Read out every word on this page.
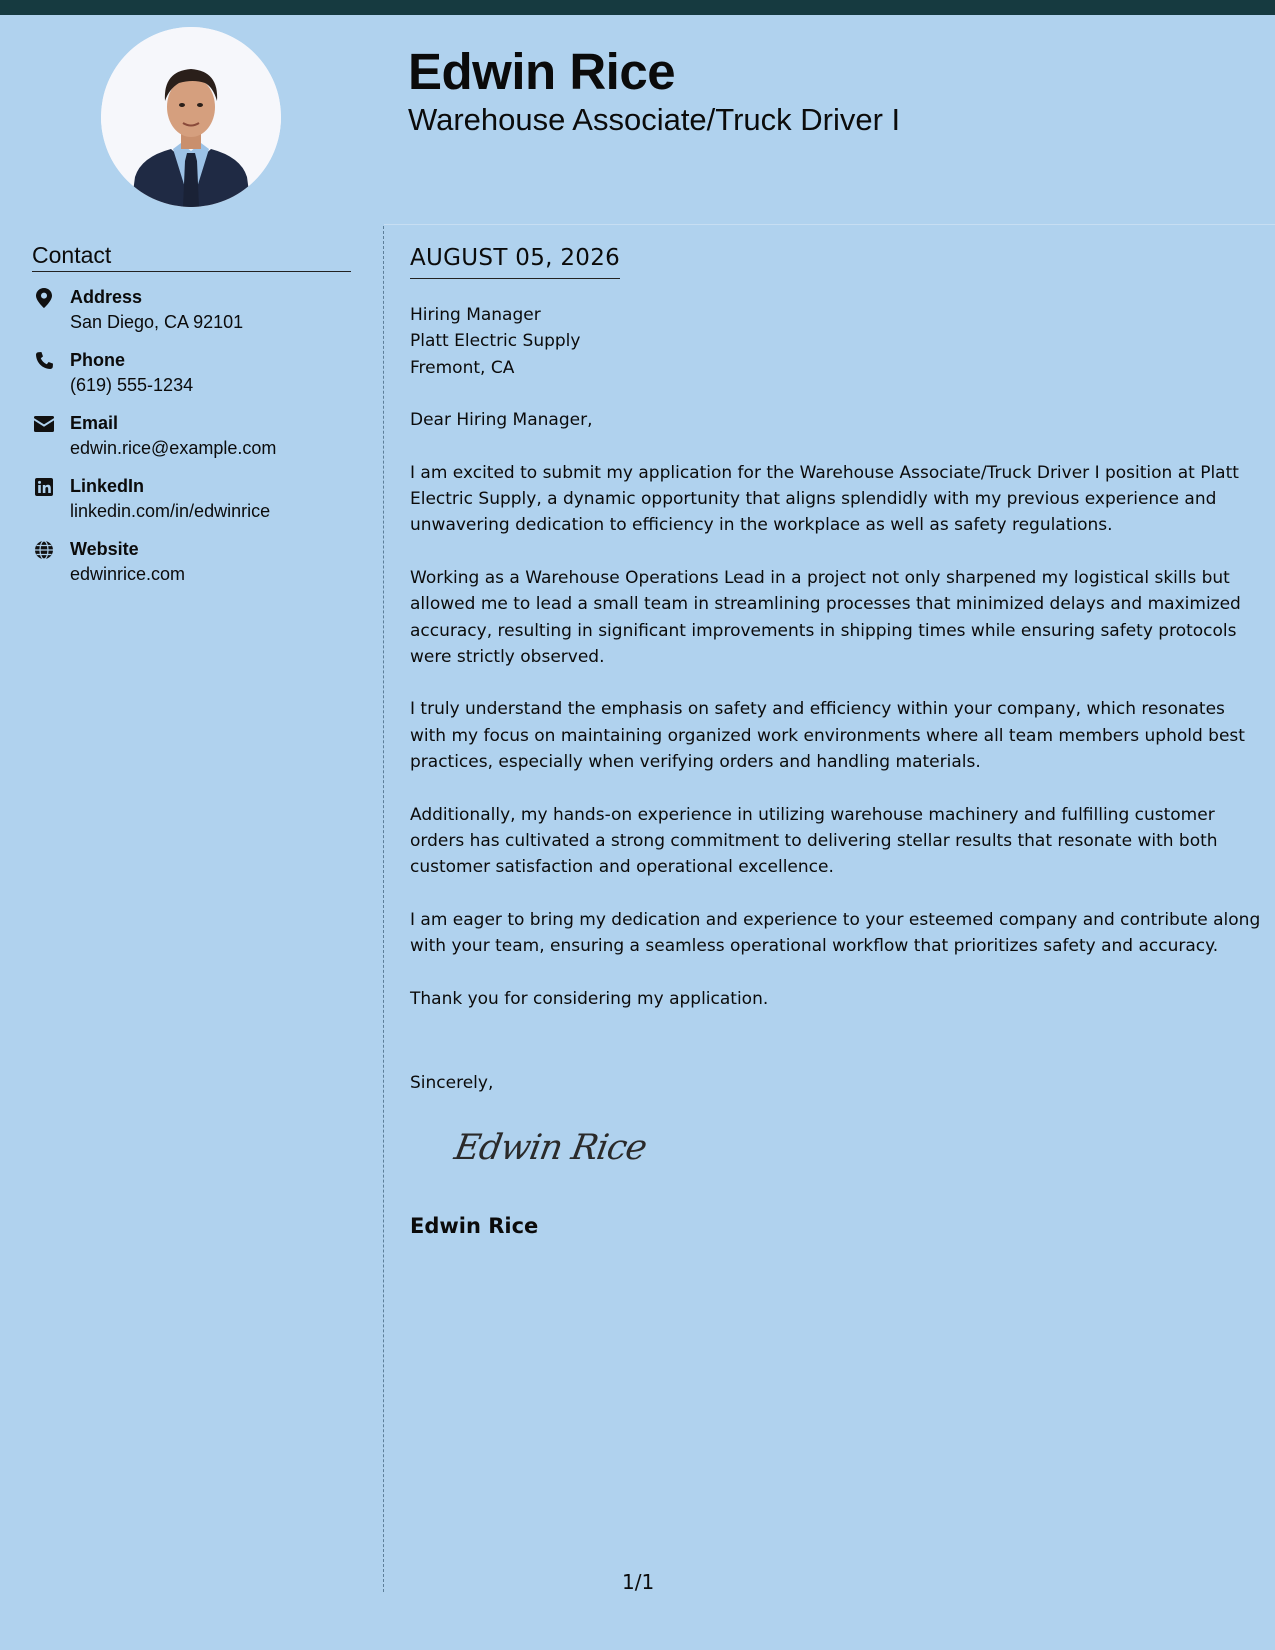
Edwin Rice
Warehouse Associate/Truck Driver I
Contact
Address
San Diego, CA 92101
Phone
(619) 555-1234
Email
edwin.rice@example.com
LinkedIn
linkedin.com/in/edwinrice
Website
edwinrice.com
AUGUST 05, 2026
Hiring Manager
Platt Electric Supply
Fremont, CA

Dear Hiring Manager,

I am excited to submit my application for the Warehouse Associate/Truck Driver I position at Platt Electric Supply, a dynamic opportunity that aligns splendidly with my previous experience and unwavering dedication to efficiency in the workplace as well as safety regulations.

Working as a Warehouse Operations Lead in a project not only sharpened my logistical skills but allowed me to lead a small team in streamlining processes that minimized delays and maximized accuracy, resulting in significant improvements in shipping times while ensuring safety protocols were strictly observed.

I truly understand the emphasis on safety and efficiency within your company, which resonates with my focus on maintaining organized work environments where all team members uphold best practices, especially when verifying orders and handling materials.

Additionally, my hands-on experience in utilizing warehouse machinery and fulfilling customer orders has cultivated a strong commitment to delivering stellar results that resonate with both customer satisfaction and operational excellence.

I am eager to bring my dedication and experience to your esteemed company and contribute along with your team, ensuring a seamless operational workflow that prioritizes safety and accuracy.

Thank you for considering my application.

Sincerely,
Edwin Rice
Edwin Rice
1/1
